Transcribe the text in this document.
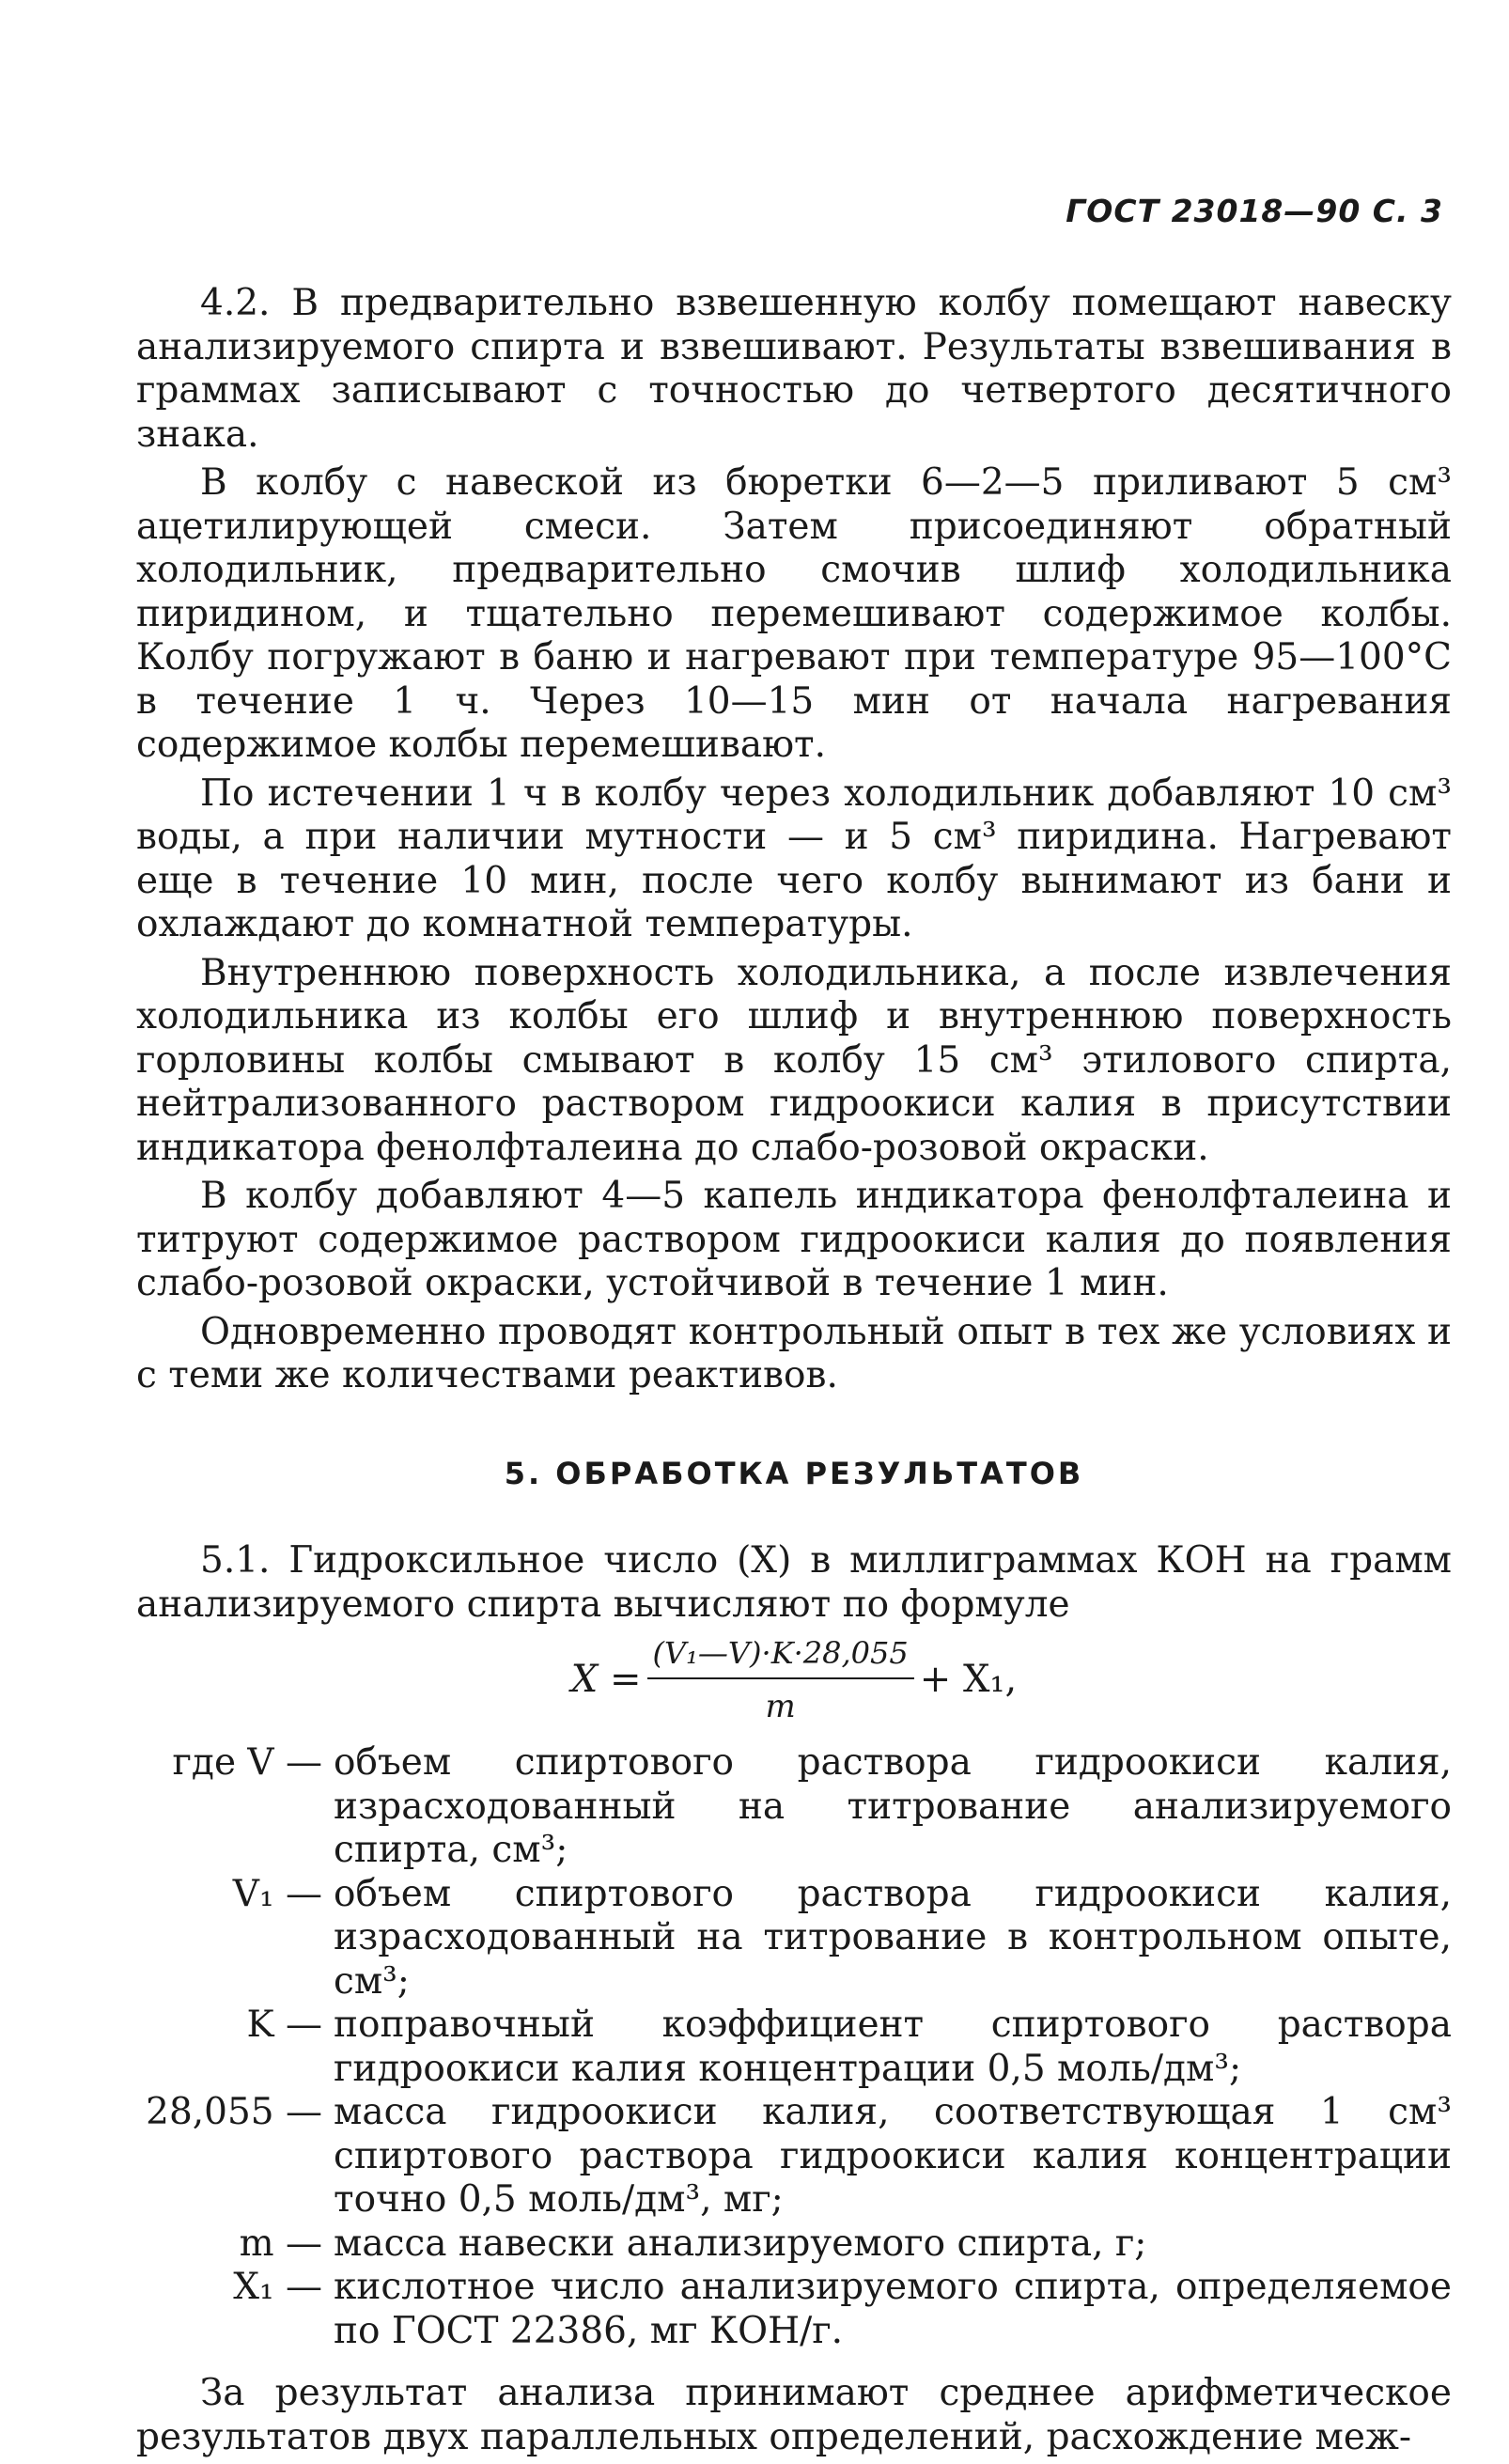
ГОСТ 23018—90 С. 3

4.2. В предварительно взвешенную колбу помещают навеску анализируемого спирта и взвешивают. Результаты взвешивания в граммах записывают с точностью до четвертого десятичного знака.

В колбу с навеской из бюретки 6—2—5 приливают 5 см³ ацетилирующей смеси. Затем присоединяют обратный холодильник, предварительно смочив шлиф холодильника пиридином, и тщательно перемешивают содержимое колбы. Колбу погружают в баню и нагревают при температуре 95—100°С в течение 1 ч. Через 10—15 мин от начала нагревания содержимое колбы перемешивают.

По истечении 1 ч в колбу через холодильник добавляют 10 см³ воды, а при наличии мутности — и 5 см³ пиридина. Нагревают еще в течение 10 мин, после чего колбу вынимают из бани и охлаждают до комнатной температуры.

Внутреннюю поверхность холодильника, а после извлечения холодильника из колбы его шлиф и внутреннюю поверхность горловины колбы смывают в колбу 15 см³ этилового спирта, нейтрализованного раствором гидроокиси калия в присутствии индикатора фенолфталеина до слабо-розовой окраски.

В колбу добавляют 4—5 капель индикатора фенолфталеина и титруют содержимое раствором гидроокиси калия до появления слабо-розовой окраски, устойчивой в течение 1 мин.

Одновременно проводят контрольный опыт в тех же условиях и с теми же количествами реактивов.

5. ОБРАБОТКА РЕЗУЛЬТАТОВ

5.1. Гидроксильное число (X) в миллиграммах КОН на грамм анализируемого спирта вычисляют по формуле

$X = \frac{\text{(V₁—V)·K·28,055}}{m} + X_1$,
где V — объем спиртового раствора гидроокиси калия, израсходованный на титрование анализируемого спирта, см³;
V₁ — объем спиртового раствора гидроокиси калия, израсходованный на титрование в контрольном опыте, см³;
K — поправочный коэффициент спиртового раствора гидроокиси калия концентрации 0,5 моль/дм³;
28,055 — масса гидроокиси калия, соответствующая 1 см³ спиртового раствора гидроокиси калия концентрации точно 0,5 моль/дм³, мг;
m — масса навески анализируемого спирта, г;
X₁ — кислотное число анализируемого спирта, определяемое по ГОСТ 22386, мг КОН/г.

За результат анализа принимают среднее арифметическое результатов двух параллельных определений, расхождение меж-
